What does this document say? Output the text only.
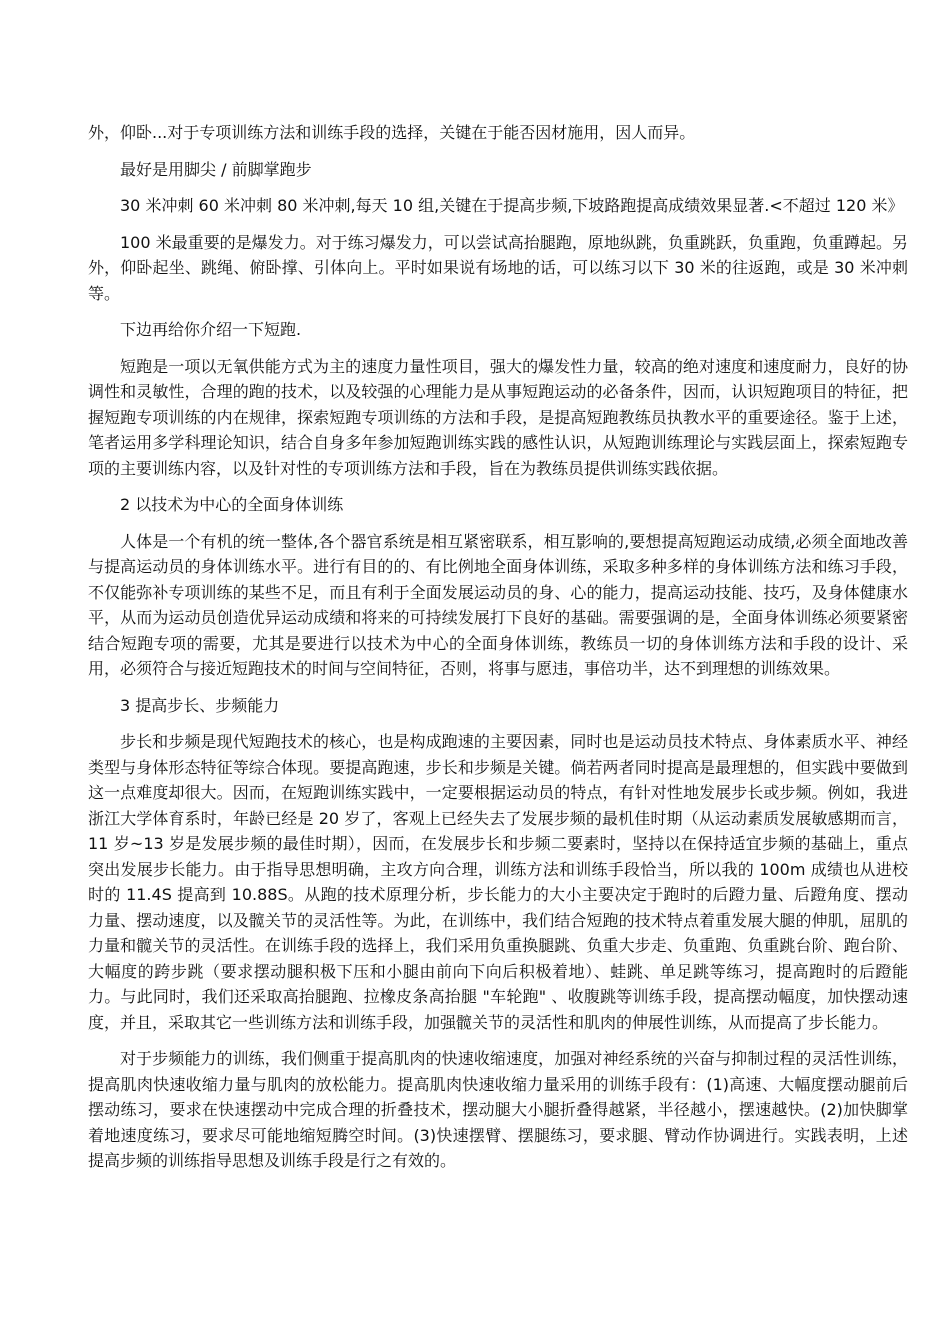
外，仰卧...对于专项训练方法和训练手段的选择，关键在于能否因材施用，因人而异。

最好是用脚尖 / 前脚掌跑步

30 米冲刺 60 米冲刺 80 米冲刺,每天 10 组,关键在于提高步频,下坡路跑提高成绩效果显著.<不超过 120 米》

100 米最重要的是爆发力。对于练习爆发力，可以尝试高抬腿跑，原地纵跳，负重跳跃，负重跑，负重蹲起。另外，仰卧起坐、跳绳、俯卧撑、引体向上。平时如果说有场地的话，可以练习以下 30 米的往返跑，或是 30 米冲刺等。

下边再给你介绍一下短跑.

短跑是一项以无氧供能方式为主的速度力量性项目，强大的爆发性力量，较高的绝对速度和速度耐力，良好的协调性和灵敏性，合理的跑的技术，以及较强的心理能力是从事短跑运动的必备条件，因而，认识短跑项目的特征，把握短跑专项训练的内在规律，探索短跑专项训练的方法和手段，是提高短跑教练员执教水平的重要途径。鉴于上述，笔者运用多学科理论知识，结合自身多年参加短跑训练实践的感性认识，从短跑训练理论与实践层面上，探索短跑专项的主要训练内容，以及针对性的专项训练方法和手段，旨在为教练员提供训练实践依据。

2 以技术为中心的全面身体训练

人体是一个有机的统一整体,各个器官系统是相互紧密联系，相互影响的,要想提高短跑运动成绩,必须全面地改善与提高运动员的身体训练水平。进行有目的的、有比例地全面身体训练，采取多种多样的身体训练方法和练习手段，不仅能弥补专项训练的某些不足，而且有利于全面发展运动员的身、心的能力，提高运动技能、技巧，及身体健康水平，从而为运动员创造优异运动成绩和将来的可持续发展打下良好的基础。需要强调的是，全面身体训练必须要紧密结合短跑专项的需要，尤其是要进行以技术为中心的全面身体训练，教练员一切的身体训练方法和手段的设计、采用，必须符合与接近短跑技术的时间与空间特征，否则，将事与愿违，事倍功半，达不到理想的训练效果。

3 提高步长、步频能力

步长和步频是现代短跑技术的核心，也是构成跑速的主要因素，同时也是运动员技术特点、身体素质水平、神经类型与身体形态特征等综合体现。要提高跑速，步长和步频是关键。倘若两者同时提高是最理想的，但实践中要做到这一点难度却很大。因而，在短跑训练实践中，一定要根据运动员的特点，有针对性地发展步长或步频。例如，我进浙江大学体育系时，年龄已经是 20 岁了，客观上已经失去了发展步频的最机佳时期（从运动素质发展敏感期而言，11 岁~13 岁是发展步频的最佳时期），因而，在发展步长和步频二要素时，坚持以在保持适宜步频的基础上，重点突出发展步长能力。由于指导思想明确，主攻方向合理，训练方法和训练手段恰当，所以我的 100m 成绩也从进校时的 11.4S 提高到 10.88S。从跑的技术原理分析，步长能力的大小主要决定于跑时的后蹬力量、后蹬角度、摆动力量、摆动速度，以及髋关节的灵活性等。为此，在训练中，我们结合短跑的技术特点着重发展大腿的伸肌，屈肌的力量和髋关节的灵活性。在训练手段的选择上，我们采用负重换腿跳、负重大步走、负重跑、负重跳台阶、跑台阶、大幅度的跨步跳（要求摆动腿积极下压和小腿由前向下向后积极着地）、蛙跳、单足跳等练习，提高跑时的后蹬能力。与此同时，我们还采取高抬腿跑、拉橡皮条高抬腿 "车轮跑" 、收腹跳等训练手段，提高摆动幅度，加快摆动速度，并且，采取其它一些训练方法和训练手段，加强髋关节的灵活性和肌肉的伸展性训练，从而提高了步长能力。

对于步频能力的训练，我们侧重于提高肌肉的快速收缩速度，加强对神经系统的兴奋与抑制过程的灵活性训练，提高肌肉快速收缩力量与肌肉的放松能力。提高肌肉快速收缩力量采用的训练手段有：(1)高速、大幅度摆动腿前后摆动练习，要求在快速摆动中完成合理的折叠技术，摆动腿大小腿折叠得越紧，半径越小，摆速越快。(2)加快脚掌着地速度练习，要求尽可能地缩短腾空时间。(3)快速摆臂、摆腿练习，要求腿、臂动作协调进行。实践表明，上述提高步频的训练指导思想及训练手段是行之有效的。
